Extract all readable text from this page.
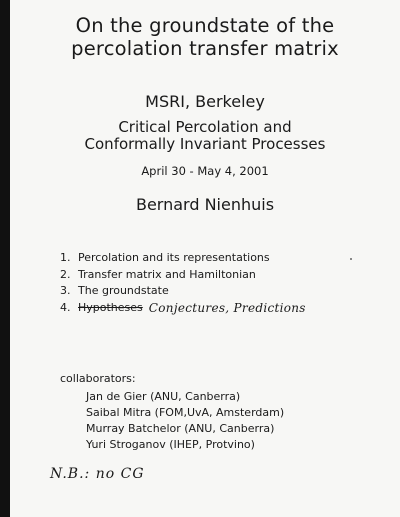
On the groundstate of the
percolation transfer matrix
MSRI, Berkeley
Critical Percolation and
Conformally Invariant Processes
April 30 - May 4, 2001
Bernard Nienhuis
1. Percolation and its representations
2. Transfer matrix and Hamiltonian
3. The groundstate
4. Hypotheses Conjectures, Predictions
collaborators:
Jan de Gier (ANU, Canberra)
Saibal Mitra (FOM,UvA, Amsterdam)
Murray Batchelor (ANU, Canberra)
Yuri Stroganov (IHEP, Protvino)
N.B.: no CG
